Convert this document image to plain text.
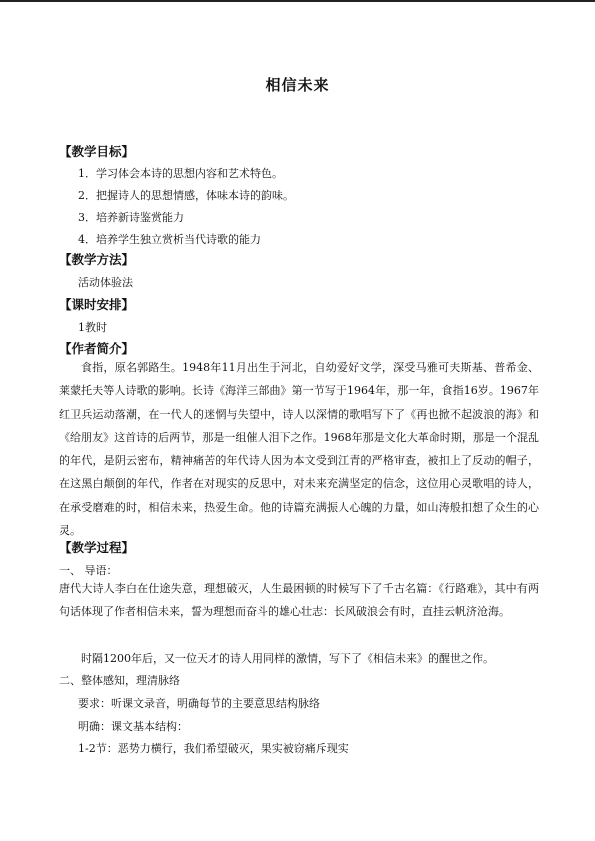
相信未来
【教学目标】
1．学习体会本诗的思想内容和艺术特色。
2．把握诗人的思想情感，体味本诗的韵味。
3．培养新诗鉴赏能力
4．培养学生独立赏析当代诗歌的能力
【教学方法】
活动体验法
【课时安排】
1教时
【作者简介】
食指，原名郭路生。1948年11月出生于河北，自幼爱好文学，深受马雅可夫斯基、普希金、莱蒙托夫等人诗歌的影响。长诗《海洋三部曲》第一节写于1964年，那一年，食指16岁。1967年红卫兵运动落潮，在一代人的迷惘与失望中，诗人以深情的歌唱写下了《再也掀不起波浪的海》和《给朋友》这首诗的后两节，那是一组催人泪下之作。1968年那是文化大革命时期，那是一个混乱的年代，是阴云密布，精神痛苦的年代诗人因为本文受到江青的严格审查，被扣上了反动的帽子，在这黑白颠倒的年代，作者在对现实的反思中，对未来充满坚定的信念，这位用心灵歌唱的诗人，在承受磨难的时，相信未来，热爱生命。他的诗篇充满振人心魄的力量，如山涛般扣想了众生的心灵。
【教学过程】
一、 导语：
唐代大诗人李白在仕途失意，理想破灭，人生最困顿的时候写下了千古名篇：《行路难》，其中有两句话体现了作者相信未来，誓为理想而奋斗的雄心壮志：长风破浪会有时，直挂云帆济沧海。
时隔1200年后，又一位天才的诗人用同样的激情，写下了《相信未来》的醒世之作。
二、整体感知，理清脉络
要求：听课文录音，明确每节的主要意思结构脉络
明确：课文基本结构：
1-2节：恶势力横行，我们希望破灭，果实被窃痛斥现实
